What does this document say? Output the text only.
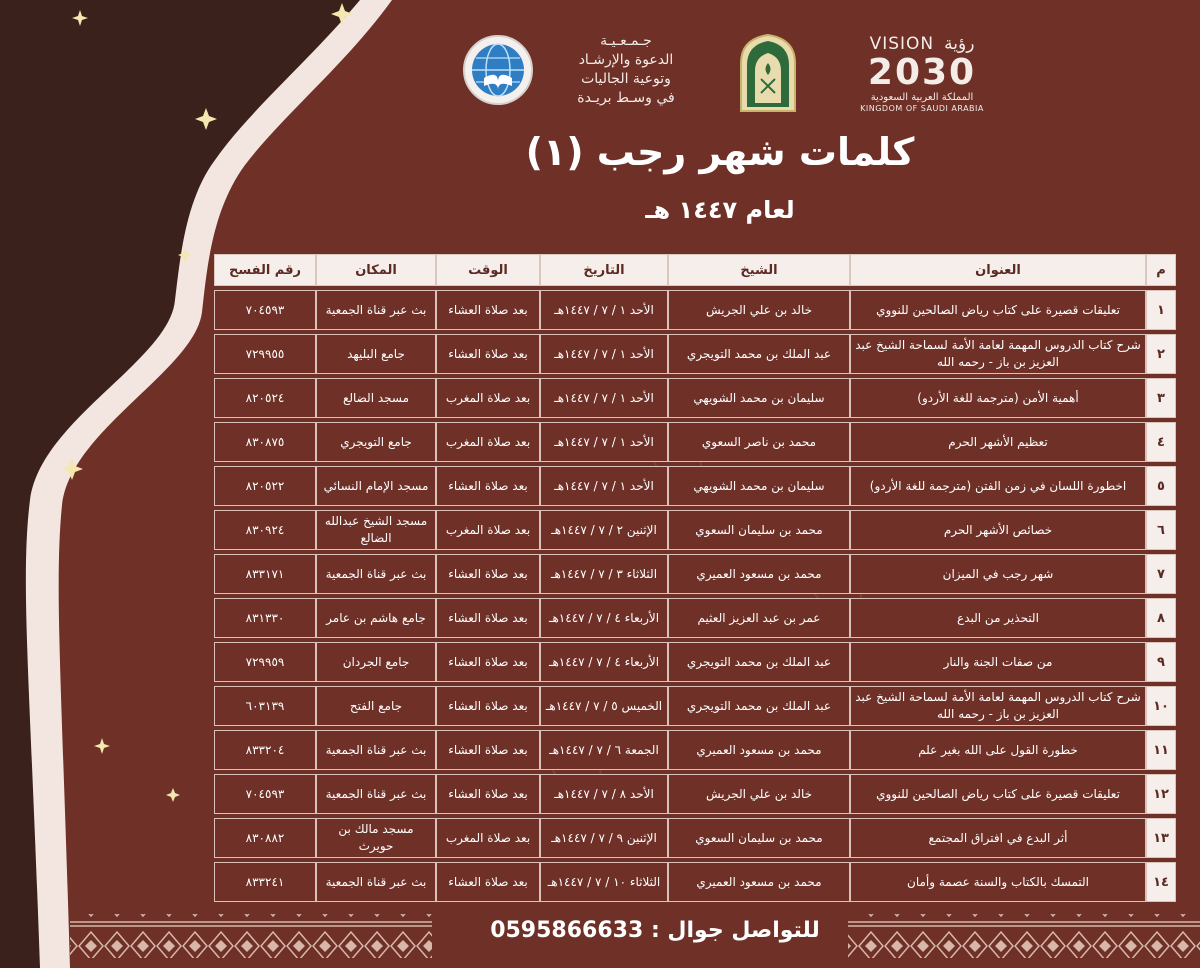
VISION رؤية
2030
المملكة العربية السعودية
KINGDOM OF SAUDI ARABIA
جـمـعـيـة
الدعوة والإرشـاد
وتوعية الجاليات
في وسـط بريـدة
كلمات شهر رجب (١)
لعام ١٤٤٧ هـ
م	العنوان	الشيخ	التاريخ	الوقت	المكان	رقم الفسح
١	تعليقات قصيرة على كتاب رياض الصالحين للنووي	خالد بن علي الجريش	الأحد ١ / ٧ / ١٤٤٧هـ	بعد صلاة العشاء	بث عبر قناة الجمعية	٧٠٤٥٩٣
٢	شرح كتاب الدروس المهمة لعامة الأمة لسماحة الشيخ عبد العزيز بن باز - رحمه الله	عبد الملك بن محمد التويجري	الأحد ١ / ٧ / ١٤٤٧هـ	بعد صلاة العشاء	جامع البليهد	٧٢٩٩٥٥
٣	أهمية الأمن (مترجمة للغة الأردو)	سليمان بن محمد الشويهي	الأحد ١ / ٧ / ١٤٤٧هـ	بعد صلاة المغرب	مسجد الضالع	٨٢٠٥٢٤
٤	تعظيم الأشهر الحرم	محمد بن ناصر السعوي	الأحد ١ / ٧ / ١٤٤٧هـ	بعد صلاة المغرب	جامع التويجري	٨٣٠٨٧٥
٥	اخطورة اللسان في زمن الفتن (مترجمة للغة الأردو)	سليمان بن محمد الشويهي	الأحد ١ / ٧ / ١٤٤٧هـ	بعد صلاة العشاء	مسجد الإمام النسائي	٨٢٠٥٢٢
٦	خصائص الأشهر الحرم	محمد بن سليمان السعوي	الإثنين ٢ / ٧ / ١٤٤٧هـ	بعد صلاة المغرب	مسجد الشيخ عبدالله الضالع	٨٣٠٩٢٤
٧	شهر رجب في الميزان	محمد بن مسعود العميري	الثلاثاء ٣ / ٧ / ١٤٤٧هـ	بعد صلاة العشاء	بث عبر قناة الجمعية	٨٣٣١٧١
٨	التحذير من البدع	عمر بن عبد العزيز العثيم	الأربعاء ٤ / ٧ / ١٤٤٧هـ	بعد صلاة العشاء	جامع هاشم بن عامر	٨٣١٣٣٠
٩	من صفات الجنة والنار	عبد الملك بن محمد التويجري	الأربعاء ٤ / ٧ / ١٤٤٧هـ	بعد صلاة العشاء	جامع الجردان	٧٢٩٩٥٩
١٠	شرح كتاب الدروس المهمة لعامة الأمة لسماحة الشيخ عبد العزيز بن باز - رحمه الله	عبد الملك بن محمد التويجري	الخميس ٥ / ٧ / ١٤٤٧هـ	بعد صلاة العشاء	جامع الفتح	٦٠٣١٣٩
١١	خطورة القول على الله بغير علم	محمد بن مسعود العميري	الجمعة ٦ / ٧ / ١٤٤٧هـ	بعد صلاة العشاء	بث عبر قناة الجمعية	٨٣٣٢٠٤
١٢	تعليقات قصيرة على كتاب رياض الصالحين للنووي	خالد بن علي الجريش	الأحد ٨ / ٧ / ١٤٤٧هـ	بعد صلاة العشاء	بث عبر قناة الجمعية	٧٠٤٥٩٣
١٣	أثر البدع في افتراق المجتمع	محمد بن سليمان السعوي	الإثنين ٩ / ٧ / ١٤٤٧هـ	بعد صلاة المغرب	مسجد مالك بن حويرث	٨٣٠٨٨٢
١٤	التمسك بالكتاب والسنة عصمة وأمان	محمد بن مسعود العميري	الثلاثاء ١٠ / ٧ / ١٤٤٧هـ	بعد صلاة العشاء	بث عبر قناة الجمعية	٨٣٣٢٤١
للتواصل جوال : 0595866633
